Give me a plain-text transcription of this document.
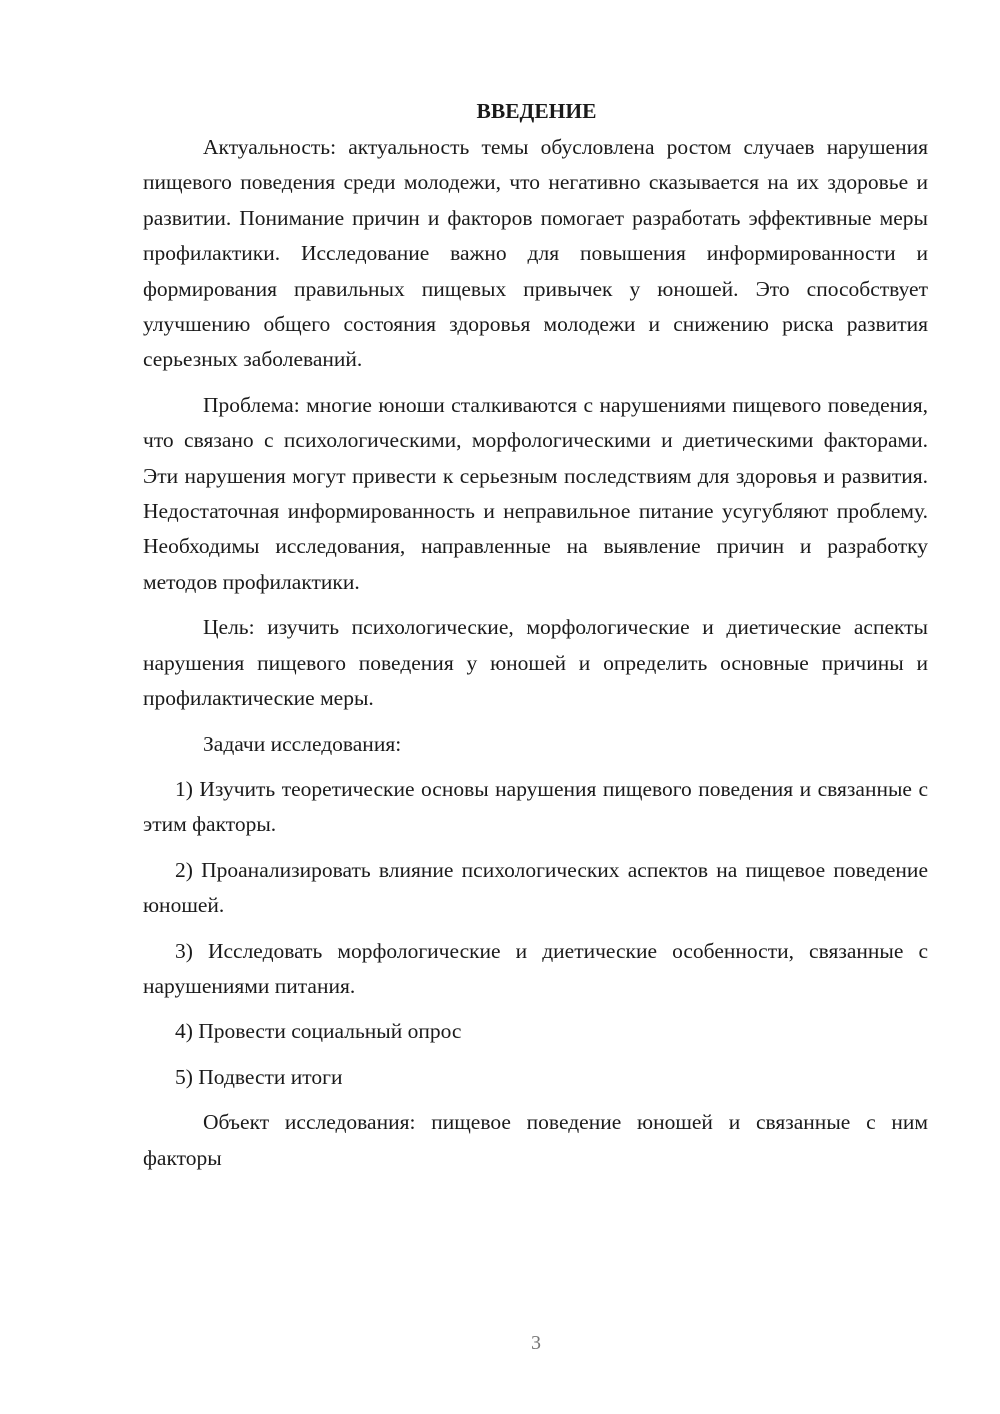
ВВЕДЕНИЕ

Актуальность: актуальность темы обусловлена ростом случаев нарушения пищевого поведения среди молодежи, что негативно сказывается на их здоровье и развитии. Понимание причин и факторов помогает разработать эффективные меры профилактики. Исследование важно для повышения информированности и формирования правильных пищевых привычек у юношей. Это способствует улучшению общего состояния здоровья молодежи и снижению риска развития серьезных заболеваний.

Проблема: многие юноши сталкиваются с нарушениями пищевого поведения, что связано с психологическими, морфологическими и диетическими факторами. Эти нарушения могут привести к серьезным последствиям для здоровья и развития. Недостаточная информированность и неправильное питание усугубляют проблему. Необходимы исследования, направленные на выявление причин и разработку методов профилактики.

Цель: изучить психологические, морфологические и диетические аспекты нарушения пищевого поведения у юношей и определить основные причины и профилактические меры.

Задачи исследования:

1) Изучить теоретические основы нарушения пищевого поведения и связанные с этим факторы.

2) Проанализировать влияние психологических аспектов на пищевое поведение юношей.

3) Исследовать морфологические и диетические особенности, связанные с нарушениями питания.

4) Провести социальный опрос

5) Подвести итоги

Объект исследования: пищевое поведение юношей и связанные с ним факторы

3
